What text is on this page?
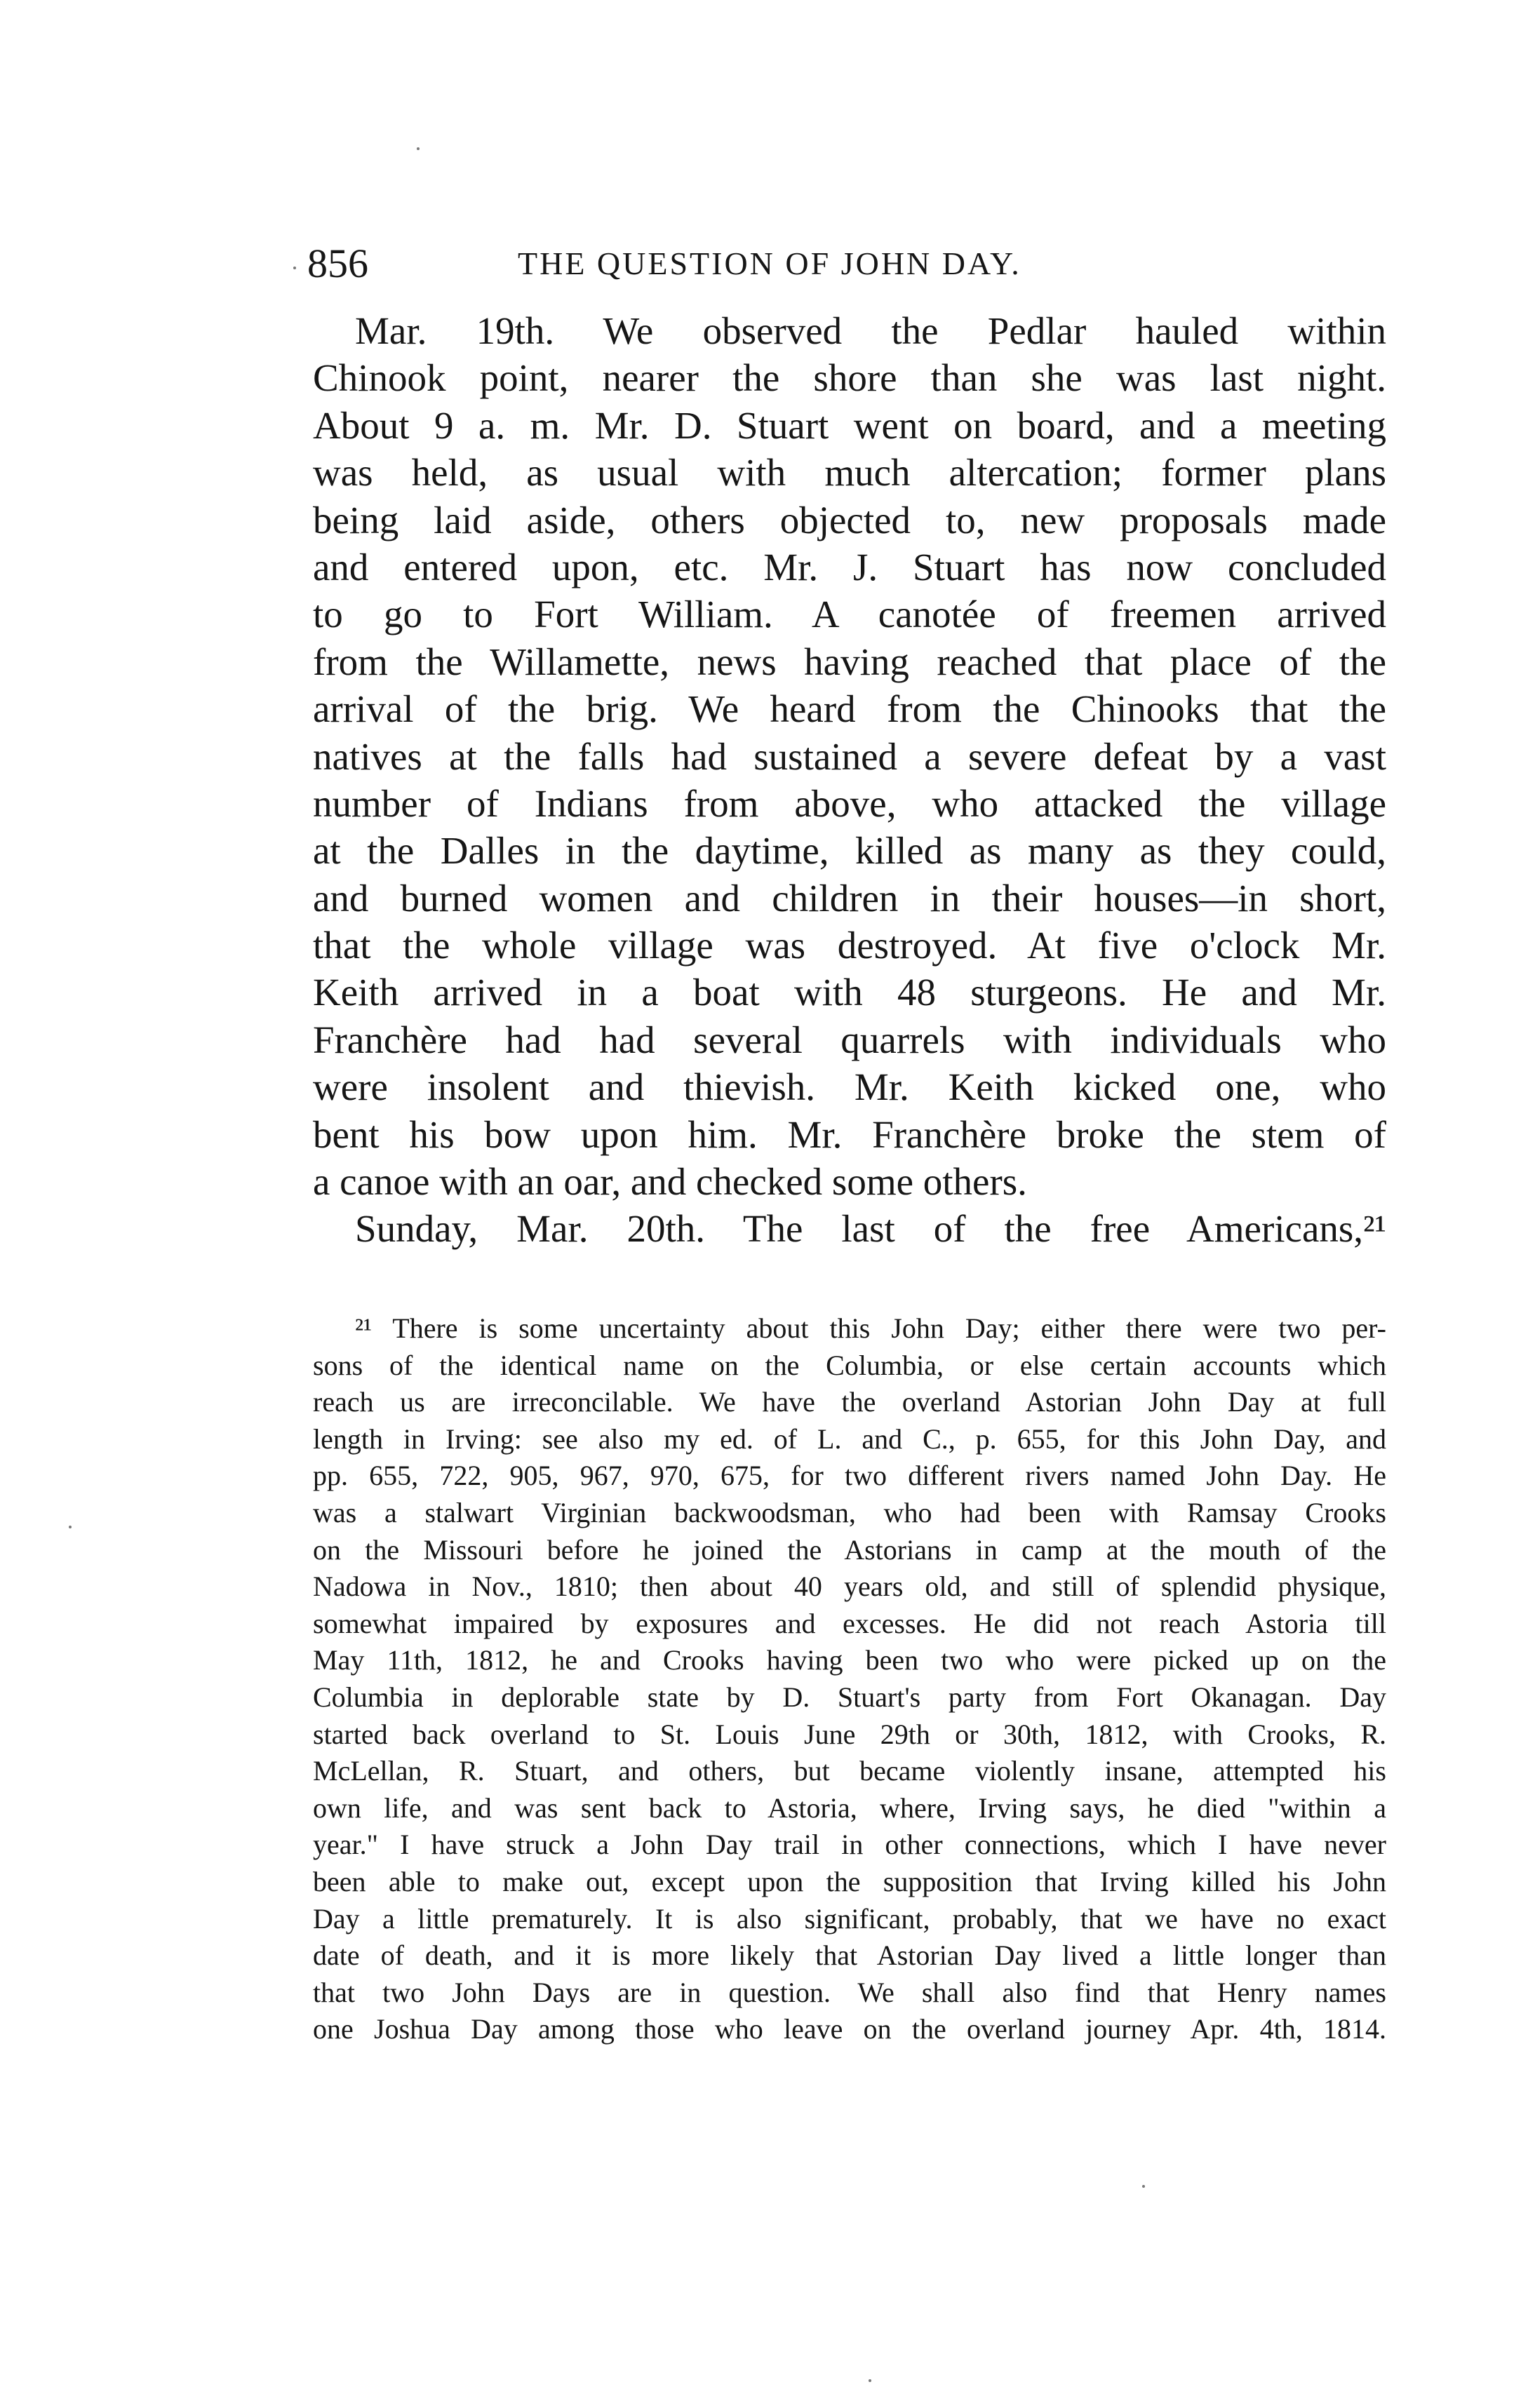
856	THE QUESTION OF JOHN DAY.
Mar. 19th. We observed the Pedlar hauled within
Chinook point, nearer the shore than she was last night.
About 9 a. m. Mr. D. Stuart went on board, and a meeting
was held, as usual with much altercation; former plans
being laid aside, others objected to, new proposals made
and entered upon, etc. Mr. J. Stuart has now concluded
to go to Fort William. A canotée of freemen arrived
from the Willamette, news having reached that place of the
arrival of the brig. We heard from the Chinooks that the
natives at the falls had sustained a severe defeat by a vast
number of Indians from above, who attacked the village
at the Dalles in the daytime, killed as many as they could,
and burned women and children in their houses—in short,
that the whole village was destroyed. At five o'clock Mr.
Keith arrived in a boat with 48 sturgeons. He and Mr.
Franchère had had several quarrels with individuals who
were insolent and thievish. Mr. Keith kicked one, who
bent his bow upon him. Mr. Franchère broke the stem of
a canoe with an oar, and checked some others.
Sunday, Mar. 20th. The last of the free Americans,²¹
²¹ There is some uncertainty about this John Day; either there were two per-
sons of the identical name on the Columbia, or else certain accounts which
reach us are irreconcilable. We have the overland Astorian John Day at full
length in Irving: see also my ed. of L. and C., p. 655, for this John Day, and
pp. 655, 722, 905, 967, 970, 675, for two different rivers named John Day. He
was a stalwart Virginian backwoodsman, who had been with Ramsay Crooks
on the Missouri before he joined the Astorians in camp at the mouth of the
Nadowa in Nov., 1810; then about 40 years old, and still of splendid physique,
somewhat impaired by exposures and excesses. He did not reach Astoria till
May 11th, 1812, he and Crooks having been two who were picked up on the
Columbia in deplorable state by D. Stuart's party from Fort Okanagan. Day
started back overland to St. Louis June 29th or 30th, 1812, with Crooks, R.
McLellan, R. Stuart, and others, but became violently insane, attempted his
own life, and was sent back to Astoria, where, Irving says, he died "within a
year." I have struck a John Day trail in other connections, which I have never
been able to make out, except upon the supposition that Irving killed his John
Day a little prematurely. It is also significant, probably, that we have no exact
date of death, and it is more likely that Astorian Day lived a little longer than
that two John Days are in question. We shall also find that Henry names
one Joshua Day among those who leave on the overland journey Apr. 4th, 1814.
